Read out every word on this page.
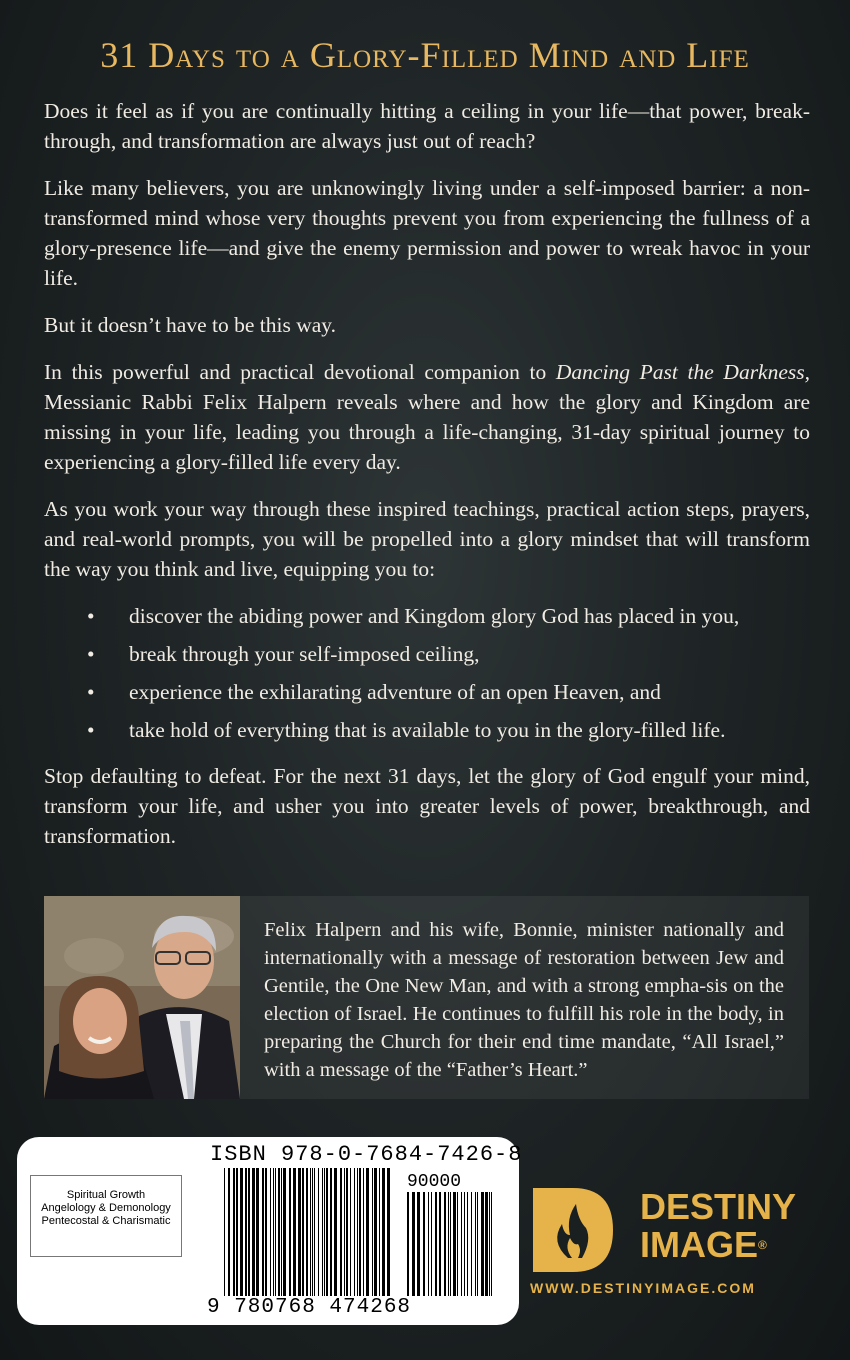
31 Days to a Glory-Filled Mind and Life

Does it feel as if you are continually hitting a ceiling in your life—that power, break-through, and transformation are always just out of reach?

Like many believers, you are unknowingly living under a self-imposed barrier: a non-transformed mind whose very thoughts prevent you from experiencing the fullness of a glory-presence life—and give the enemy permission and power to wreak havoc in your life.

But it doesn’t have to be this way.

In this powerful and practical devotional companion to Dancing Past the Darkness, Messianic Rabbi Felix Halpern reveals where and how the glory and Kingdom are missing in your life, leading you through a life-changing, 31-day spiritual journey to experiencing a glory-filled life every day.

As you work your way through these inspired teachings, practical action steps, prayers, and real-world prompts, you will be propelled into a glory mindset that will transform the way you think and live, equipping you to:

• discover the abiding power and Kingdom glory God has placed in you,
• break through your self-imposed ceiling,
• experience the exhilarating adventure of an open Heaven, and
• take hold of everything that is available to you in the glory-filled life.

Stop defaulting to defeat. For the next 31 days, let the glory of God engulf your mind, transform your life, and usher you into greater levels of power, breakthrough, and transformation.

Felix Halpern and his wife, Bonnie, minister nationally and internationally with a message of restoration between Jew and Gentile, the One New Man, and with a strong empha-sis on the election of Israel. He continues to fulfill his role in the body, in preparing the Church for their end time mandate, “All Israel,” with a message of the “Father’s Heart.”
Spiritual Growth
Angelology & Demonology
Pentecostal & Charismatic
ISBN 978-0-7684-7426-8
90000
9 780768 474268
DESTINY
IMAGE®
WWW.DESTINYIMAGE.COM
